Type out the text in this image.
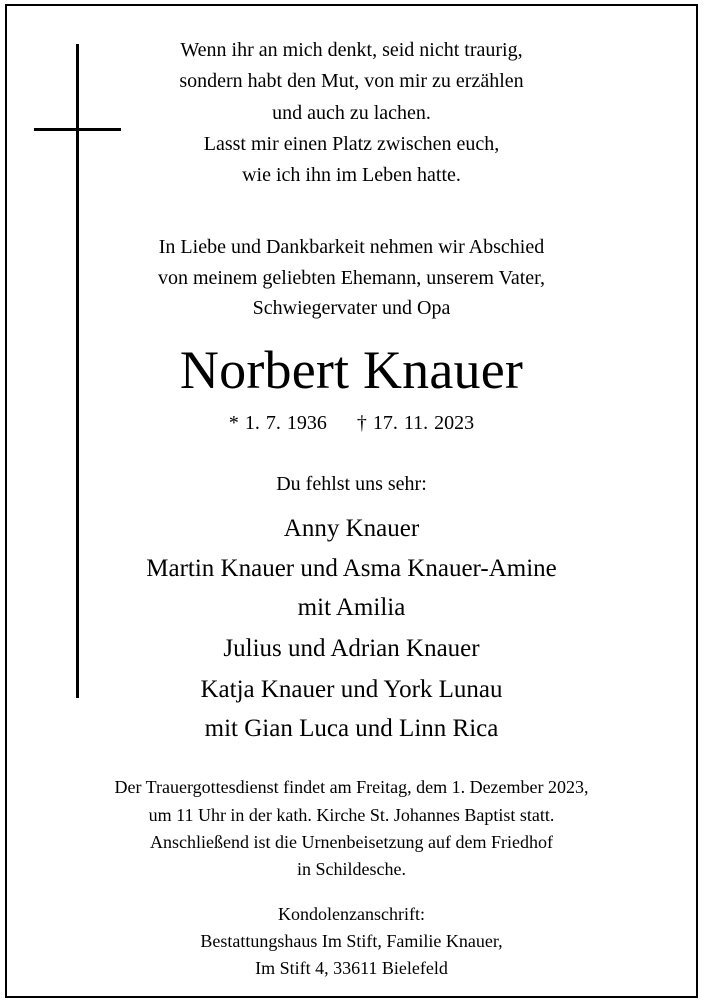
Wenn ihr an mich denkt, seid nicht traurig,
sondern habt den Mut, von mir zu erzählen
und auch zu lachen.
Lasst mir einen Platz zwischen euch,
wie ich ihn im Leben hatte.
In Liebe und Dankbarkeit nehmen wir Abschied
von meinem geliebten Ehemann, unserem Vater,
Schwiegervater und Opa
Norbert Knauer
* 1. 7. 1936 † 17. 11. 2023
Du fehlst uns sehr:
Anny Knauer
Martin Knauer und Asma Knauer-Amine
mit Amilia
Julius und Adrian Knauer
Katja Knauer und York Lunau
mit Gian Luca und Linn Rica
Der Trauergottesdienst findet am Freitag, dem 1. Dezember 2023,
um 11 Uhr in der kath. Kirche St. Johannes Baptist statt.
Anschließend ist die Urnenbeisetzung auf dem Friedhof
in Schildesche.
Kondolenzanschrift:
Bestattungshaus Im Stift, Familie Knauer,
Im Stift 4, 33611 Bielefeld
